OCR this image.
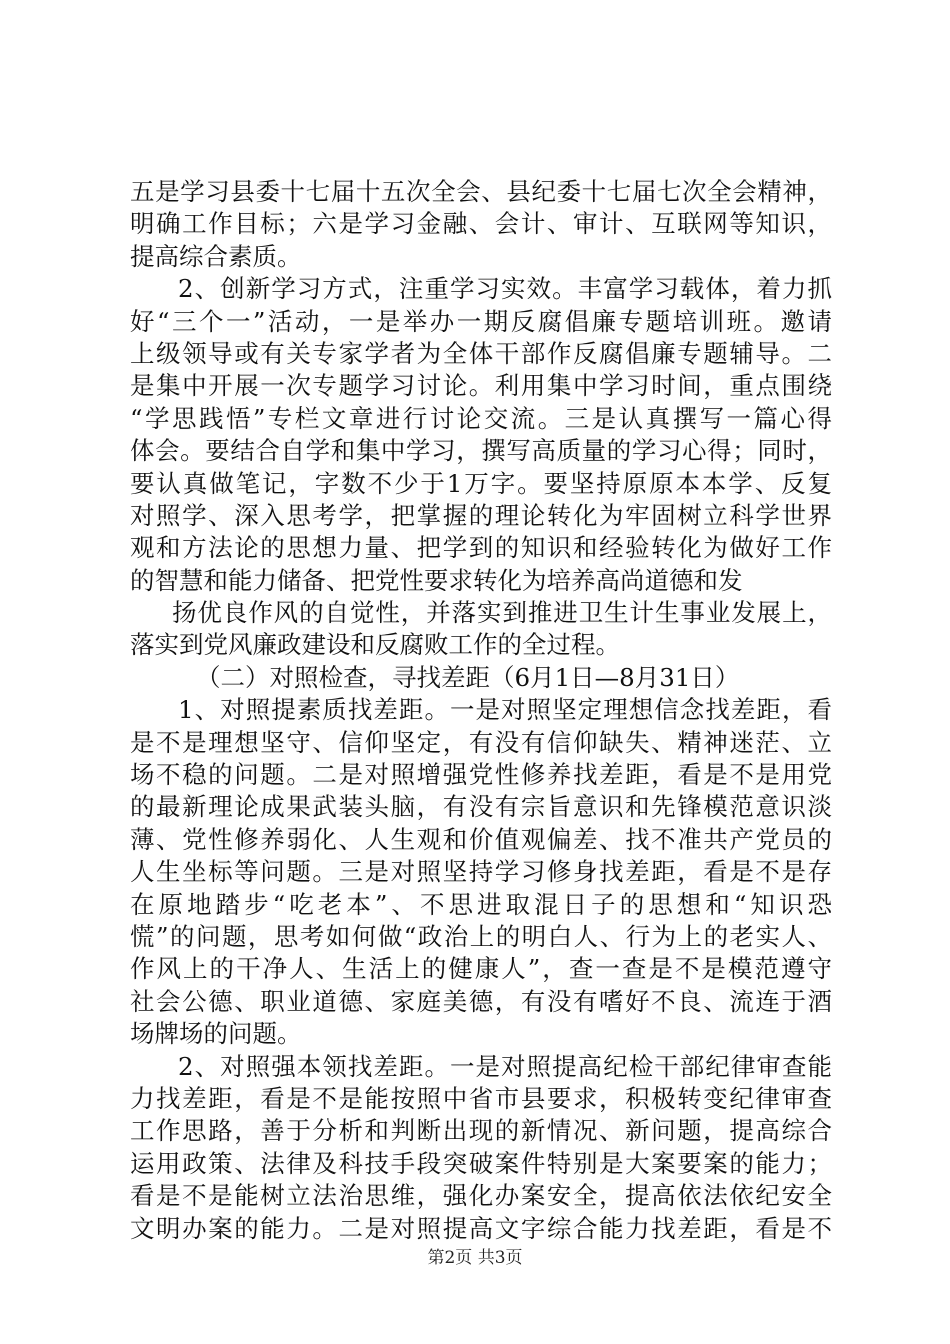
五是学习县委十七届十五次全会、县纪委十七届七次全会精神，
明确工作目标；六是学习金融、会计、审计、互联网等知识，
提高综合素质。
2、创新学习方式，注重学习实效。丰富学习载体，着力抓
好“三个一”活动，一是举办一期反腐倡廉专题培训班。邀请
上级领导或有关专家学者为全体干部作反腐倡廉专题辅导。二
是集中开展一次专题学习讨论。利用集中学习时间，重点围绕
“学思践悟”专栏文章进行讨论交流。三是认真撰写一篇心得
体会。要结合自学和集中学习，撰写高质量的学习心得；同时，
要认真做笔记，字数不少于1万字。要坚持原原本本学、反复
对照学、深入思考学，把掌握的理论转化为牢固树立科学世界
观和方法论的思想力量、把学到的知识和经验转化为做好工作
的智慧和能力储备、把党性要求转化为培养高尚道德和发
扬优良作风的自觉性，并落实到推进卫生计生事业发展上，
落实到党风廉政建设和反腐败工作的全过程。
（二）对照检查，寻找差距（6月1日—8月31日）
1、对照提素质找差距。一是对照坚定理想信念找差距，看
是不是理想坚守、信仰坚定，有没有信仰缺失、精神迷茫、立
场不稳的问题。二是对照增强党性修养找差距，看是不是用党
的最新理论成果武装头脑，有没有宗旨意识和先锋模范意识淡
薄、党性修养弱化、人生观和价值观偏差、找不准共产党员的
人生坐标等问题。三是对照坚持学习修身找差距，看是不是存
在原地踏步“吃老本”、不思进取混日子的思想和“知识恐
慌”的问题，思考如何做“政治上的明白人、行为上的老实人、
作风上的干净人、生活上的健康人”，查一查是不是模范遵守
社会公德、职业道德、家庭美德，有没有嗜好不良、流连于酒
场牌场的问题。
2、对照强本领找差距。一是对照提高纪检干部纪律审查能
力找差距，看是不是能按照中省市县要求，积极转变纪律审查
工作思路，善于分析和判断出现的新情况、新问题，提高综合
运用政策、法律及科技手段突破案件特别是大案要案的能力；
看是不是能树立法治思维，强化办案安全，提高依法依纪安全
文明办案的能力。二是对照提高文字综合能力找差距，看是不
第2页 共3页
